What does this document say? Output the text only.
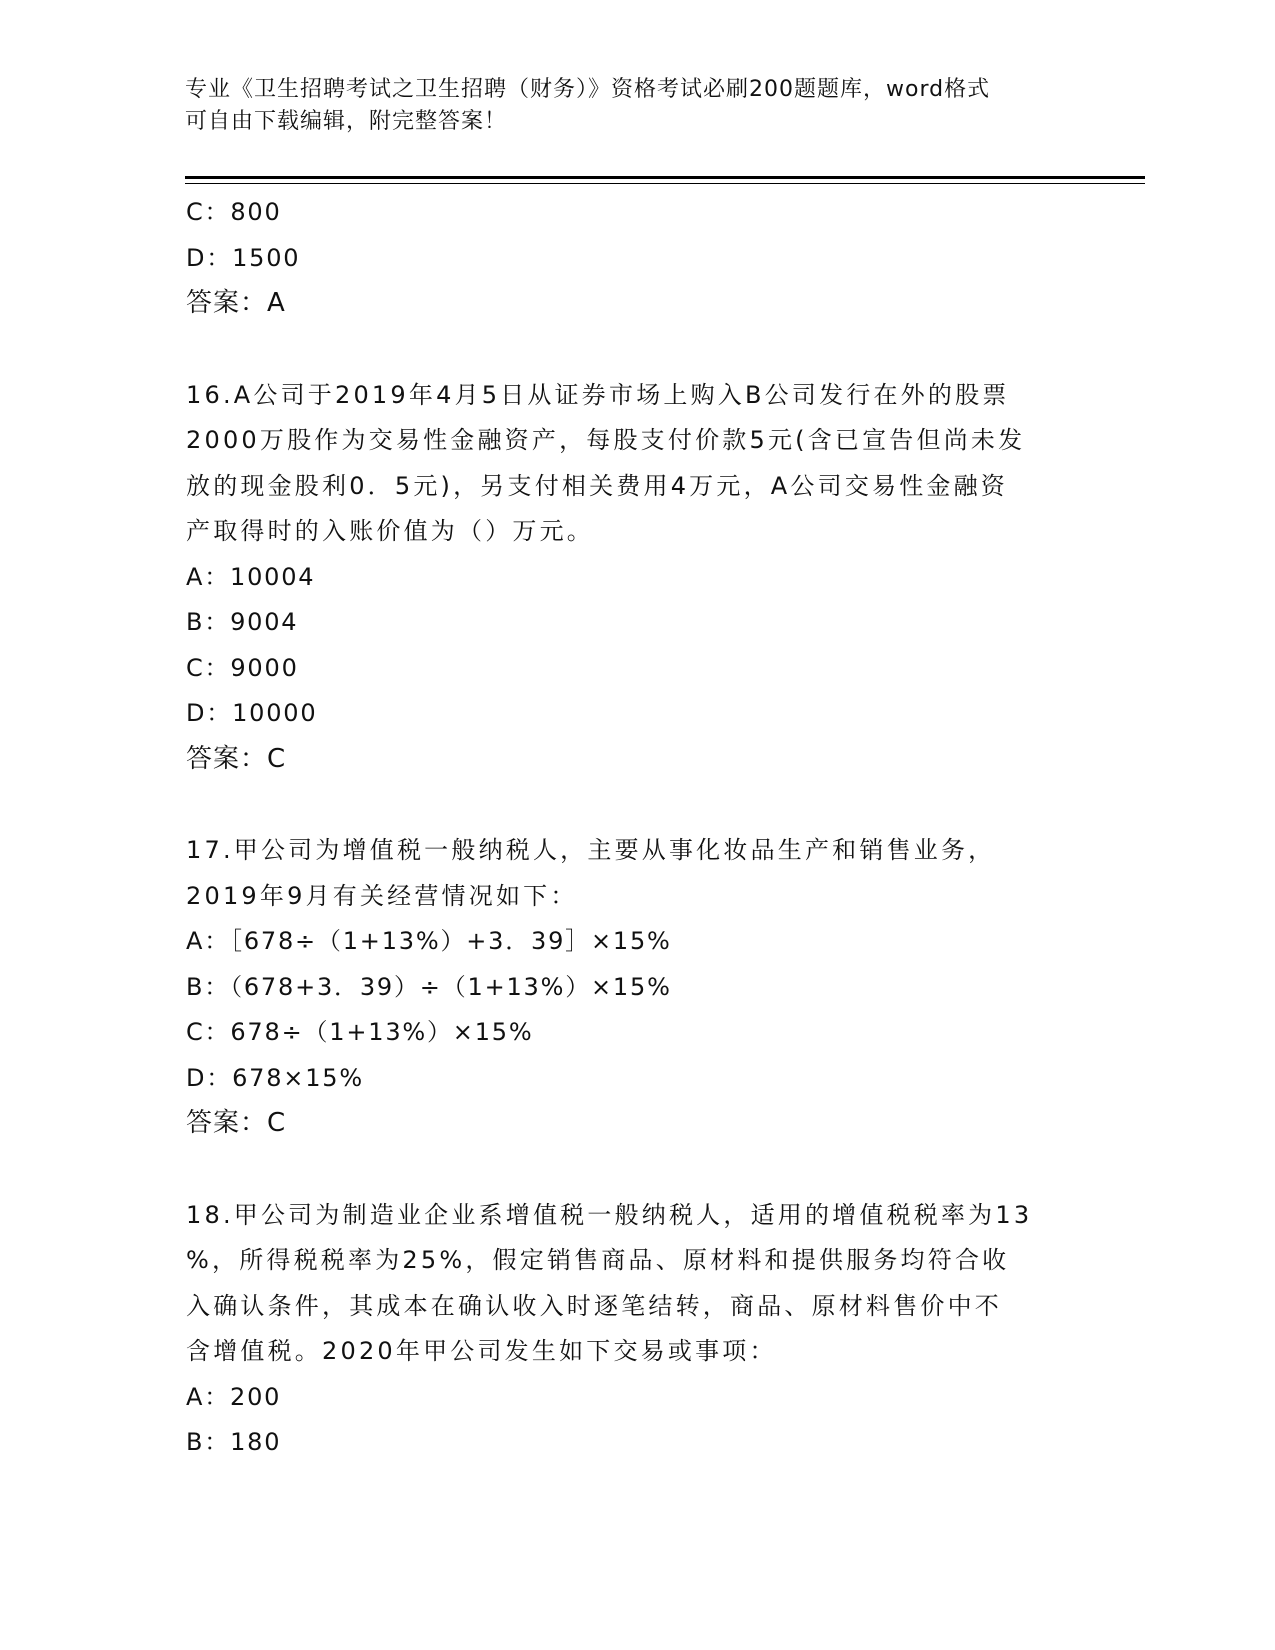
专业《卫生招聘考试之卫生招聘（财务）》资格考试必刷200题题库，word格式
可自由下载编辑，附完整答案！
C：800
D：1500
答案：A
16.A公司于2019年4月5日从证券市场上购入B公司发行在外的股票
2000万股作为交易性金融资产，每股支付价款5元(含已宣告但尚未发
放的现金股利0．5元)，另支付相关费用4万元，A公司交易性金融资
产取得时的入账价值为（）万元。
A：10004
B：9004
C：9000
D：10000
答案：C
17.甲公司为增值税一般纳税人，主要从事化妆品生产和销售业务，
2019年9月有关经营情况如下：
A：［678÷（1+13%）+3．39］×15%
B：（678+3．39）÷（1+13%）×15%
C：678÷（1+13%）×15%
D：678×15%
答案：C
18.甲公司为制造业企业系增值税一般纳税人，适用的增值税税率为13
%，所得税税率为25%，假定销售商品、原材料和提供服务均符合收
入确认条件，其成本在确认收入时逐笔结转，商品、原材料售价中不
含增值税。2020年甲公司发生如下交易或事项：
A：200
B：180
